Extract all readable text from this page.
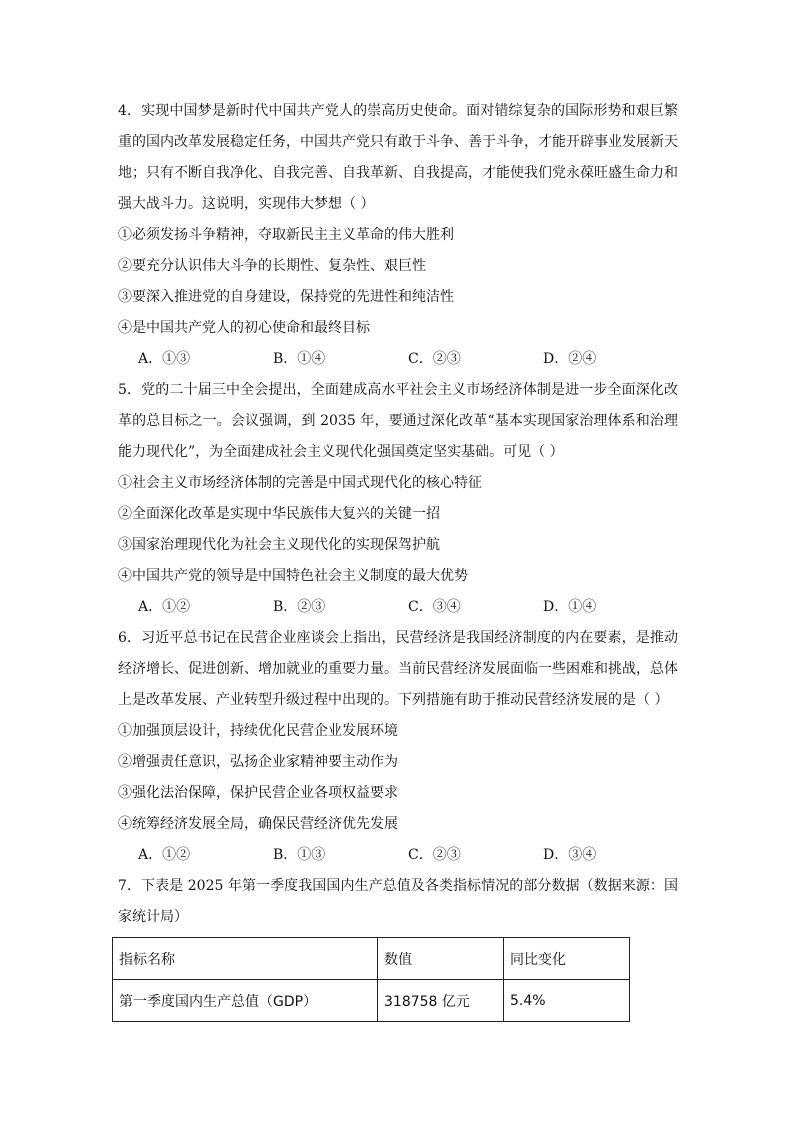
4．实现中国梦是新时代中国共产党人的崇高历史使命。面对错综复杂的国际形势和艰巨繁重的国内改革发展稳定任务，中国共产党只有敢于斗争、善于斗争，才能开辟事业发展新天地；只有不断自我净化、自我完善、自我革新、自我提高，才能使我们党永葆旺盛生命力和强大战斗力。这说明，实现伟大梦想（ ）

①必须发扬斗争精神，夺取新民主主义革命的伟大胜利

②要充分认识伟大斗争的长期性、复杂性、艰巨性

③要深入推进党的自身建设，保持党的先进性和纯洁性

④是中国共产党人的初心使命和最终目标

A．①③	B．①④	C．②③	D．②④

5．党的二十届三中全会提出，全面建成高水平社会主义市场经济体制是进一步全面深化改革的总目标之一。会议强调，到 2035 年，要通过深化改革“基本实现国家治理体系和治理能力现代化”，为全面建成社会主义现代化强国奠定坚实基础。可见（ ）

①社会主义市场经济体制的完善是中国式现代化的核心特征

②全面深化改革是实现中华民族伟大复兴的关键一招

③国家治理现代化为社会主义现代化的实现保驾护航

④中国共产党的领导是中国特色社会主义制度的最大优势

A．①②	B．②③	C．③④	D．①④

6．习近平总书记在民营企业座谈会上指出，民营经济是我国经济制度的内在要素，是推动经济增长、促进创新、增加就业的重要力量。当前民营经济发展面临一些困难和挑战，总体上是改革发展、产业转型升级过程中出现的。下列措施有助于推动民营经济发展的是（ ）

①加强顶层设计，持续优化民营企业发展环境

②增强责任意识，弘扬企业家精神要主动作为

③强化法治保障，保护民营企业各项权益要求

④统筹经济发展全局，确保民营经济优先发展

A．①②	B．①③	C．②③	D．③④

7．下表是 2025 年第一季度我国国内生产总值及各类指标情况的部分数据（数据来源：国家统计局）

指标名称	数值	同比变化
第一季度国内生产总值（GDP）	318758 亿元	5.4%
